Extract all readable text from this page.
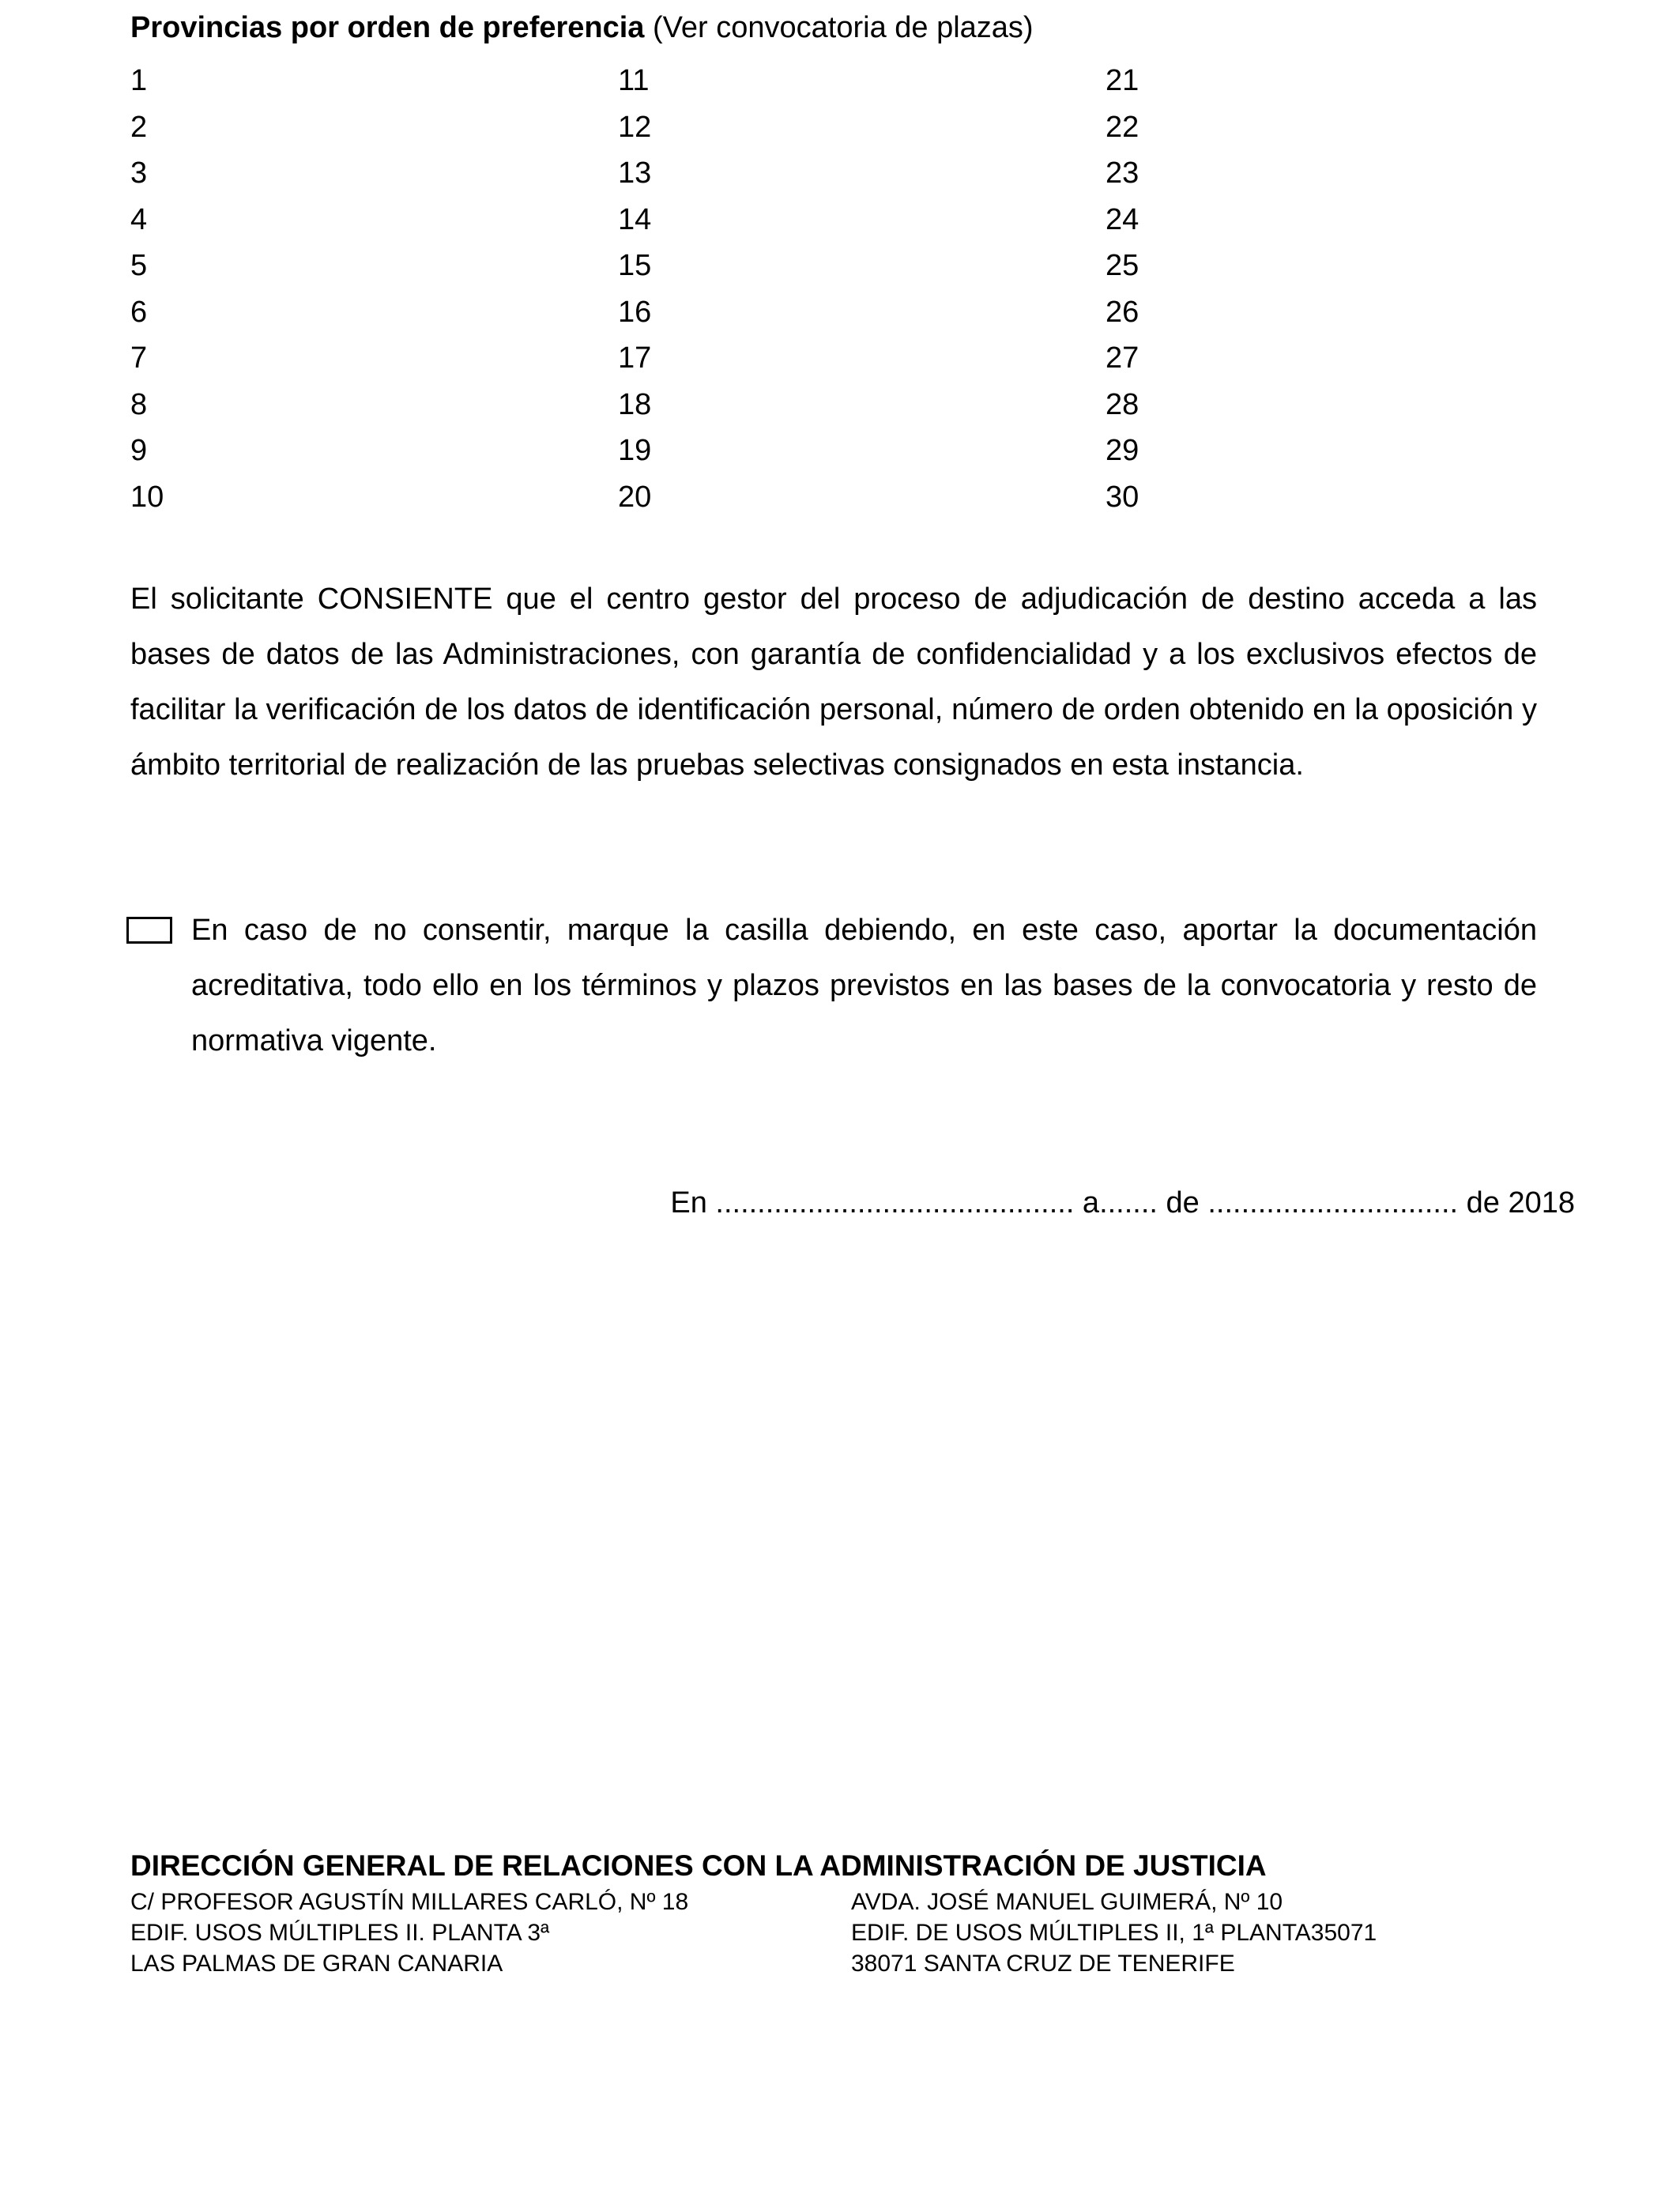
Provincias por orden de preferencia (Ver convocatoria de plazas)
1
2
3
4
5
6
7
8
9
10
11
12
13
14
15
16
17
18
19
20
21
22
23
24
25
26
27
28
29
30

El solicitante CONSIENTE que el centro gestor del proceso de adjudicación de destino acceda a las bases de datos de las Administraciones, con garantía de confidencialidad y a los exclusivos efectos de facilitar la verificación de los datos de identificación personal, número de orden obtenido en la oposición y ámbito territorial de realización de las pruebas selectivas consignados en esta instancia.

En caso de no consentir, marque la casilla debiendo, en este caso, aportar la documentación acreditativa, todo ello en los términos y plazos previstos en las bases de la convocatoria y resto de normativa vigente.

En ........................................... a....... de .............................. de 2018
DIRECCIÓN GENERAL DE RELACIONES CON LA ADMINISTRACIÓN DE JUSTICIA
C/ PROFESOR AGUSTÍN MILLARES CARLÓ, Nº 18
EDIF. USOS MÚLTIPLES II. PLANTA 3ª
LAS PALMAS DE GRAN CANARIA
AVDA. JOSÉ MANUEL GUIMERÁ, Nº 10
EDIF. DE USOS MÚLTIPLES II, 1ª PLANTA35071
38071 SANTA CRUZ DE TENERIFE
